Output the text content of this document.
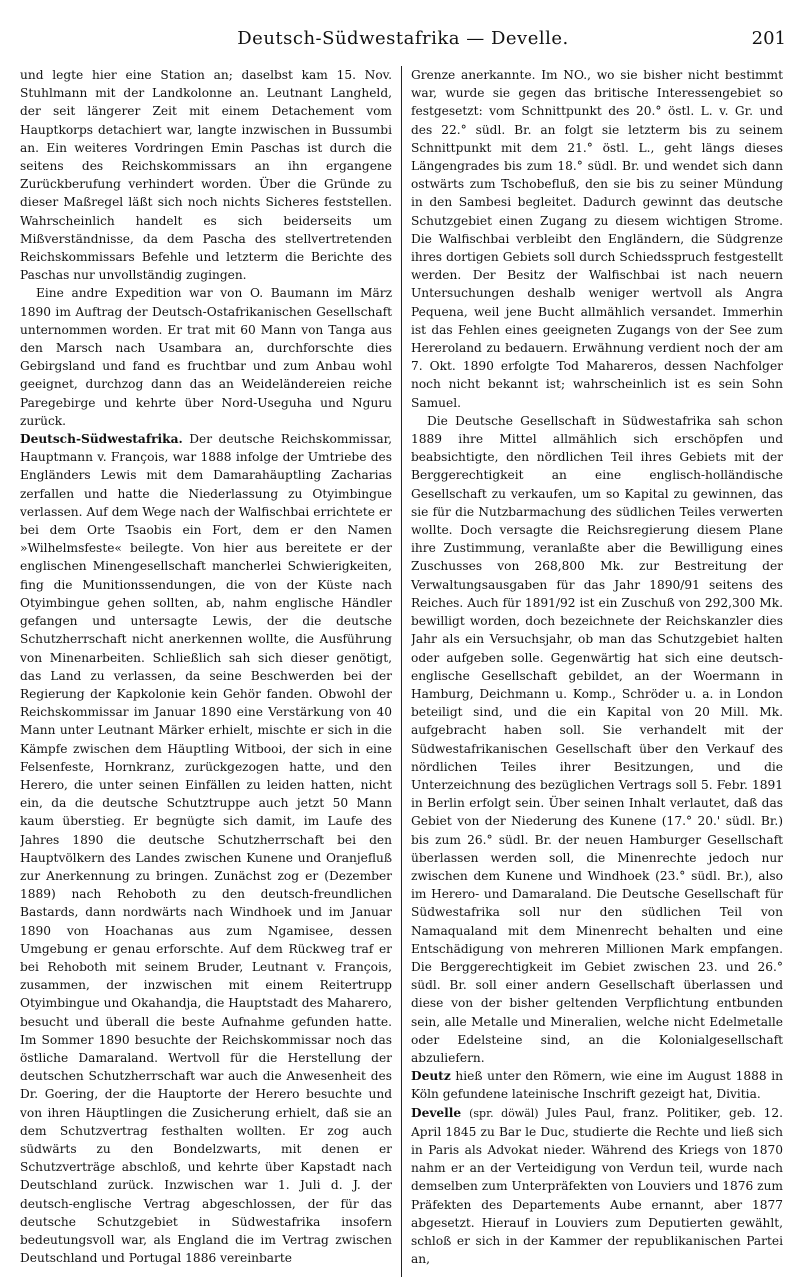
Deutsch-Südwestafrika — Develle.	201

und legte hier eine Station an; daselbst kam 15. Nov. Stuhlmann mit der Landkolonne an. Leutnant Langheld, der seit längerer Zeit mit einem Detachement vom Hauptkorps detachiert war, langte inzwischen in Bussumbi an. Ein weiteres Vordringen Emin Paschas ist durch die seitens des Reichskommissars an ihn ergangene Zurückberufung verhindert worden. Über die Gründe zu dieser Maßregel läßt sich noch nichts Sicheres feststellen. Wahrscheinlich handelt es sich beiderseits um Mißverständnisse, da dem Pascha des stellvertretenden Reichskommissars Befehle und letzterm die Berichte des Paschas nur unvollständig zugingen.

Eine andre Expedition war von O. Baumann im März 1890 im Auftrag der Deutsch-Ostafrikanischen Gesellschaft unternommen worden. Er trat mit 60 Mann von Tanga aus den Marsch nach Usambara an, durchforschte dies Gebirgsland und fand es fruchtbar und zum Anbau wohl geeignet, durchzog dann das an Weideländereien reiche Paregebirge und kehrte über Nord-Useguha und Nguru zurück.

Deutsch-Südwestafrika. Der deutsche Reichskommissar, Hauptmann v. François, war 1888 infolge der Umtriebe des Engländers Lewis mit dem Damarahäuptling Zacharias zerfallen und hatte die Niederlassung zu Otyimbingue verlassen. Auf dem Wege nach der Walfischbai errichtete er bei dem Orte Tsaobis ein Fort, dem er den Namen »Wilhelmsfeste« beilegte. Von hier aus bereitete er der englischen Minengesellschaft mancherlei Schwierigkeiten, fing die Munitionssendungen, die von der Küste nach Otyimbingue gehen sollten, ab, nahm englische Händler gefangen und untersagte Lewis, der die deutsche Schutzherrschaft nicht anerkennen wollte, die Ausführung von Minenarbeiten. Schließlich sah sich dieser genötigt, das Land zu verlassen, da seine Beschwerden bei der Regierung der Kapkolonie kein Gehör fanden. Obwohl der Reichskommissar im Januar 1890 eine Verstärkung von 40 Mann unter Leutnant Märker erhielt, mischte er sich in die Kämpfe zwischen dem Häuptling Witbooi, der sich in eine Felsenfeste, Hornkranz, zurückgezogen hatte, und den Herero, die unter seinen Einfällen zu leiden hatten, nicht ein, da die deutsche Schutztruppe auch jetzt 50 Mann kaum überstieg. Er begnügte sich damit, im Laufe des Jahres 1890 die deutsche Schutzherrschaft bei den Hauptvölkern des Landes zwischen Kunene und Oranjefluß zur Anerkennung zu bringen. Zunächst zog er (Dezember 1889) nach Rehoboth zu den deutsch-freundlichen Bastards, dann nordwärts nach Windhoek und im Januar 1890 von Hoachanas aus zum Ngamisee, dessen Umgebung er genau erforschte. Auf dem Rückweg traf er bei Rehoboth mit seinem Bruder, Leutnant v. François, zusammen, der inzwischen mit einem Reitertrupp Otyimbingue und Okahandja, die Hauptstadt des Maharero, besucht und überall die beste Aufnahme gefunden hatte. Im Sommer 1890 besuchte der Reichskommissar noch das östliche Damaraland. Wertvoll für die Herstellung der deutschen Schutzherrschaft war auch die Anwesenheit des Dr. Goering, der die Hauptorte der Herero besuchte und von ihren Häuptlingen die Zusicherung erhielt, daß sie an dem Schutzvertrag festhalten wollten. Er zog auch südwärts zu den Bondelzwarts, mit denen er Schutzverträge abschloß, und kehrte über Kapstadt nach Deutschland zurück. Inzwischen war 1. Juli d. J. der deutsch-englische Vertrag abgeschlossen, der für das deutsche Schutzgebiet in Südwestafrika insofern bedeutungsvoll war, als England die im Vertrag zwischen Deutschland und Portugal 1886 vereinbarte

Grenze anerkannte. Im NO., wo sie bisher nicht bestimmt war, wurde sie gegen das britische Interessengebiet so festgesetzt: vom Schnittpunkt des 20.° östl. L. v. Gr. und des 22.° südl. Br. an folgt sie letzterm bis zu seinem Schnittpunkt mit dem 21.° östl. L., geht längs dieses Längengrades bis zum 18.° südl. Br. und wendet sich dann ostwärts zum Tschobefluß, den sie bis zu seiner Mündung in den Sambesi begleitet. Dadurch gewinnt das deutsche Schutzgebiet einen Zugang zu diesem wichtigen Strome. Die Walfischbai verbleibt den Engländern, die Südgrenze ihres dortigen Gebiets soll durch Schiedsspruch festgestellt werden. Der Besitz der Walfischbai ist nach neuern Untersuchungen deshalb weniger wertvoll als Angra Pequena, weil jene Bucht allmählich versandet. Immerhin ist das Fehlen eines geeigneten Zugangs von der See zum Hereroland zu bedauern. Erwähnung verdient noch der am 7. Okt. 1890 erfolgte Tod Mahareros, dessen Nachfolger noch nicht bekannt ist; wahrscheinlich ist es sein Sohn Samuel.

Die Deutsche Gesellschaft in Südwestafrika sah schon 1889 ihre Mittel allmählich sich erschöpfen und beabsichtigte, den nördlichen Teil ihres Gebiets mit der Berggerechtigkeit an eine englisch-holländische Gesellschaft zu verkaufen, um so Kapital zu gewinnen, das sie für die Nutzbarmachung des südlichen Teiles verwerten wollte. Doch versagte die Reichsregierung diesem Plane ihre Zustimmung, veranlaßte aber die Bewilligung eines Zuschusses von 268,800 Mk. zur Bestreitung der Verwaltungsausgaben für das Jahr 1890/91 seitens des Reiches. Auch für 1891/92 ist ein Zuschuß von 292,300 Mk. bewilligt worden, doch bezeichnete der Reichskanzler dies Jahr als ein Versuchsjahr, ob man das Schutzgebiet halten oder aufgeben solle. Gegenwärtig hat sich eine deutsch-englische Gesellschaft gebildet, an der Woermann in Hamburg, Deichmann u. Komp., Schröder u. a. in London beteiligt sind, und die ein Kapital von 20 Mill. Mk. aufgebracht haben soll. Sie verhandelt mit der Südwestafrikanischen Gesellschaft über den Verkauf des nördlichen Teiles ihrer Besitzungen, und die Unterzeichnung des bezüglichen Vertrags soll 5. Febr. 1891 in Berlin erfolgt sein. Über seinen Inhalt verlautet, daß das Gebiet von der Niederung des Kunene (17.° 20.' südl. Br.) bis zum 26.° südl. Br. der neuen Hamburger Gesellschaft überlassen werden soll, die Minenrechte jedoch nur zwischen dem Kunene und Windhoek (23.° südl. Br.), also im Herero- und Damaraland. Die Deutsche Gesellschaft für Südwestafrika soll nur den südlichen Teil von Namaqualand mit dem Minenrecht behalten und eine Entschädigung von mehreren Millionen Mark empfangen. Die Berggerechtigkeit im Gebiet zwischen 23. und 26.° südl. Br. soll einer andern Gesellschaft überlassen und diese von der bisher geltenden Verpflichtung entbunden sein, alle Metalle und Mineralien, welche nicht Edelmetalle oder Edelsteine sind, an die Kolonialgesellschaft abzuliefern.

Deutz hieß unter den Römern, wie eine im August 1888 in Köln gefundene lateinische Inschrift gezeigt hat, Divitia.

Develle (spr. döwäl) Jules Paul, franz. Politiker, geb. 12. April 1845 zu Bar le Duc, studierte die Rechte und ließ sich in Paris als Advokat nieder. Während des Kriegs von 1870 nahm er an der Verteidigung von Verdun teil, wurde nach demselben zum Unterpräfekten von Louviers und 1876 zum Präfekten des Departements Aube ernannt, aber 1877 abgesetzt. Hierauf in Louviers zum Deputierten gewählt, schloß er sich in der Kammer der republikanischen Partei an,
